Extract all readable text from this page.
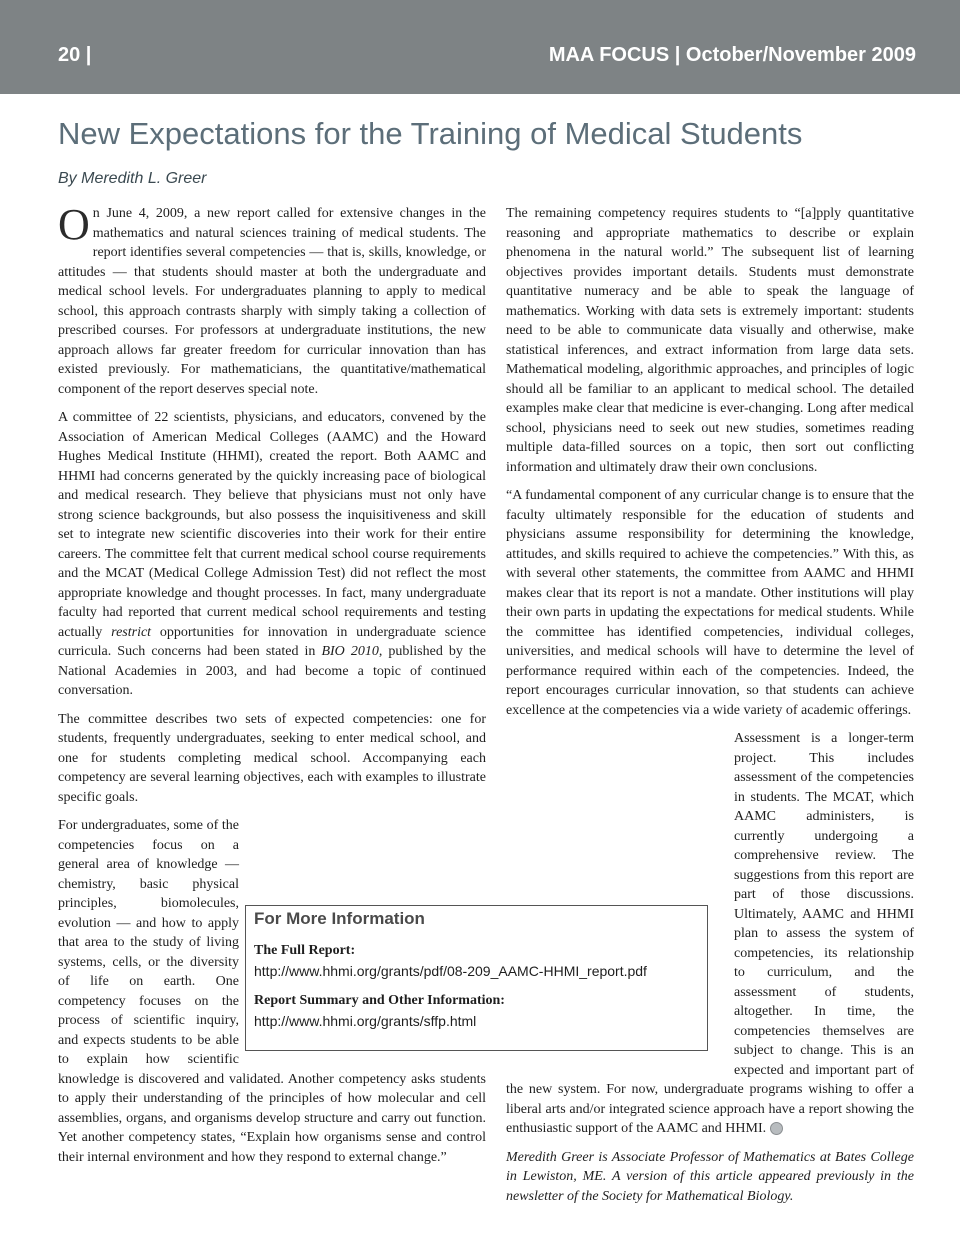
20 |	MAA FOCUS | October/November 2009
New Expectations for the Training of Medical Students
By Meredith L. Greer

On June 4, 2009, a new report called for extensive changes in the mathematics and natural sciences training of medical students. The report identifies several competencies — that is, skills, knowledge, or attitudes — that students should master at both the undergraduate and medical school levels. For undergraduates planning to apply to medical school, this approach contrasts sharply with simply taking a collection of prescribed courses. For professors at undergraduate institutions, the new approach allows far greater freedom for curricular innovation than has existed previously. For mathematicians, the quantitative/mathematical component of the report deserves special note.

A committee of 22 scientists, physicians, and educators, convened by the Association of American Medical Colleges (AAMC) and the Howard Hughes Medical Institute (HHMI), created the report. Both AAMC and HHMI had concerns generated by the quickly increasing pace of biological and medical research. They believe that physicians must not only have strong science backgrounds, but also possess the inquisitiveness and skill set to integrate new scientific discoveries into their work for their entire careers. The committee felt that current medical school course requirements and the MCAT (Medical College Admission Test) did not reflect the most appropriate knowledge and thought processes. In fact, many undergraduate faculty had reported that current medical school requirements and testing actually restrict opportunities for innovation in undergraduate science curricula. Such concerns had been stated in BIO 2010, published by the National Academies in 2003, and had become a topic of continued conversation.

The committee describes two sets of expected competencies: one for students, frequently undergraduates, seeking to enter medical school, and one for students completing medical school. Accompanying each competency are several learning objectives, each with examples to illustrate specific goals.

For undergraduates, some of the competencies focus on a general area of knowledge — chemistry, basic physical principles, biomolecules, evolution — and how to apply that area to the study of living systems, cells, or the diversity of life on earth. One competency focuses on the process of scientific inquiry, and expects students to be able to explain how scientific knowledge is discovered and validated. Another competency asks students to apply their understanding of the principles of how molecular and cell assemblies, organs, and organisms develop structure and carry out function. Yet another competency states, “Explain how organisms sense and control their internal environment and how they respond to external change.”

The remaining competency requires students to “[a]pply quantitative reasoning and appropriate mathematics to describe or explain phenomena in the natural world.” The subsequent list of learning objectives provides important details. Students must demonstrate quantitative numeracy and be able to speak the language of mathematics. Working with data sets is extremely important: students need to be able to communicate data visually and otherwise, make statistical inferences, and extract information from large data sets. Mathematical modeling, algorithmic approaches, and principles of logic should all be familiar to an applicant to medical school. The detailed examples make clear that medicine is ever-changing. Long after medical school, physicians need to seek out new studies, sometimes reading multiple data-filled sources on a topic, then sort out conflicting information and ultimately draw their own conclusions.

“A fundamental component of any curricular change is to ensure that the faculty ultimately responsible for the education of students and physicians assume responsibility for determining the knowledge, attitudes, and skills required to achieve the competencies.” With this, as with several other statements, the committee from AAMC and HHMI makes clear that its report is not a mandate. Other institutions will play their own parts in updating the expectations for medical students. While the committee has identified competencies, individual colleges, universities, and medical schools will have to determine the level of performance required within each of the competencies. Indeed, the report encourages curricular innovation, so that students can achieve excellence at the competencies via a wide variety of academic offerings.

Assessment is a longer-term project. This includes assessment of the competencies in students. The MCAT, which AAMC administers, is currently undergoing a comprehensive review. The suggestions from this report are part of those discussions. Ultimately, AAMC and HHMI plan to assess the system of competencies, its relationship to curriculum, and the assessment of students, altogether. In time, the competencies themselves are subject to change. This is an expected and important part of the new system. For now, undergraduate programs wishing to offer a liberal arts and/or integrated science approach have a report showing the enthusiastic support of the AAMC and HHMI.

Meredith Greer is Associate Professor of Mathematics at Bates College in Lewiston, ME. A version of this article appeared previously in the newsletter of the Society for Mathematical Biology.

For More Information
The Full Report:
http://www.hhmi.org/grants/pdf/08-209_AAMC-HHMI_report.pdf
Report Summary and Other Information:
http://www.hhmi.org/grants/sffp.html
